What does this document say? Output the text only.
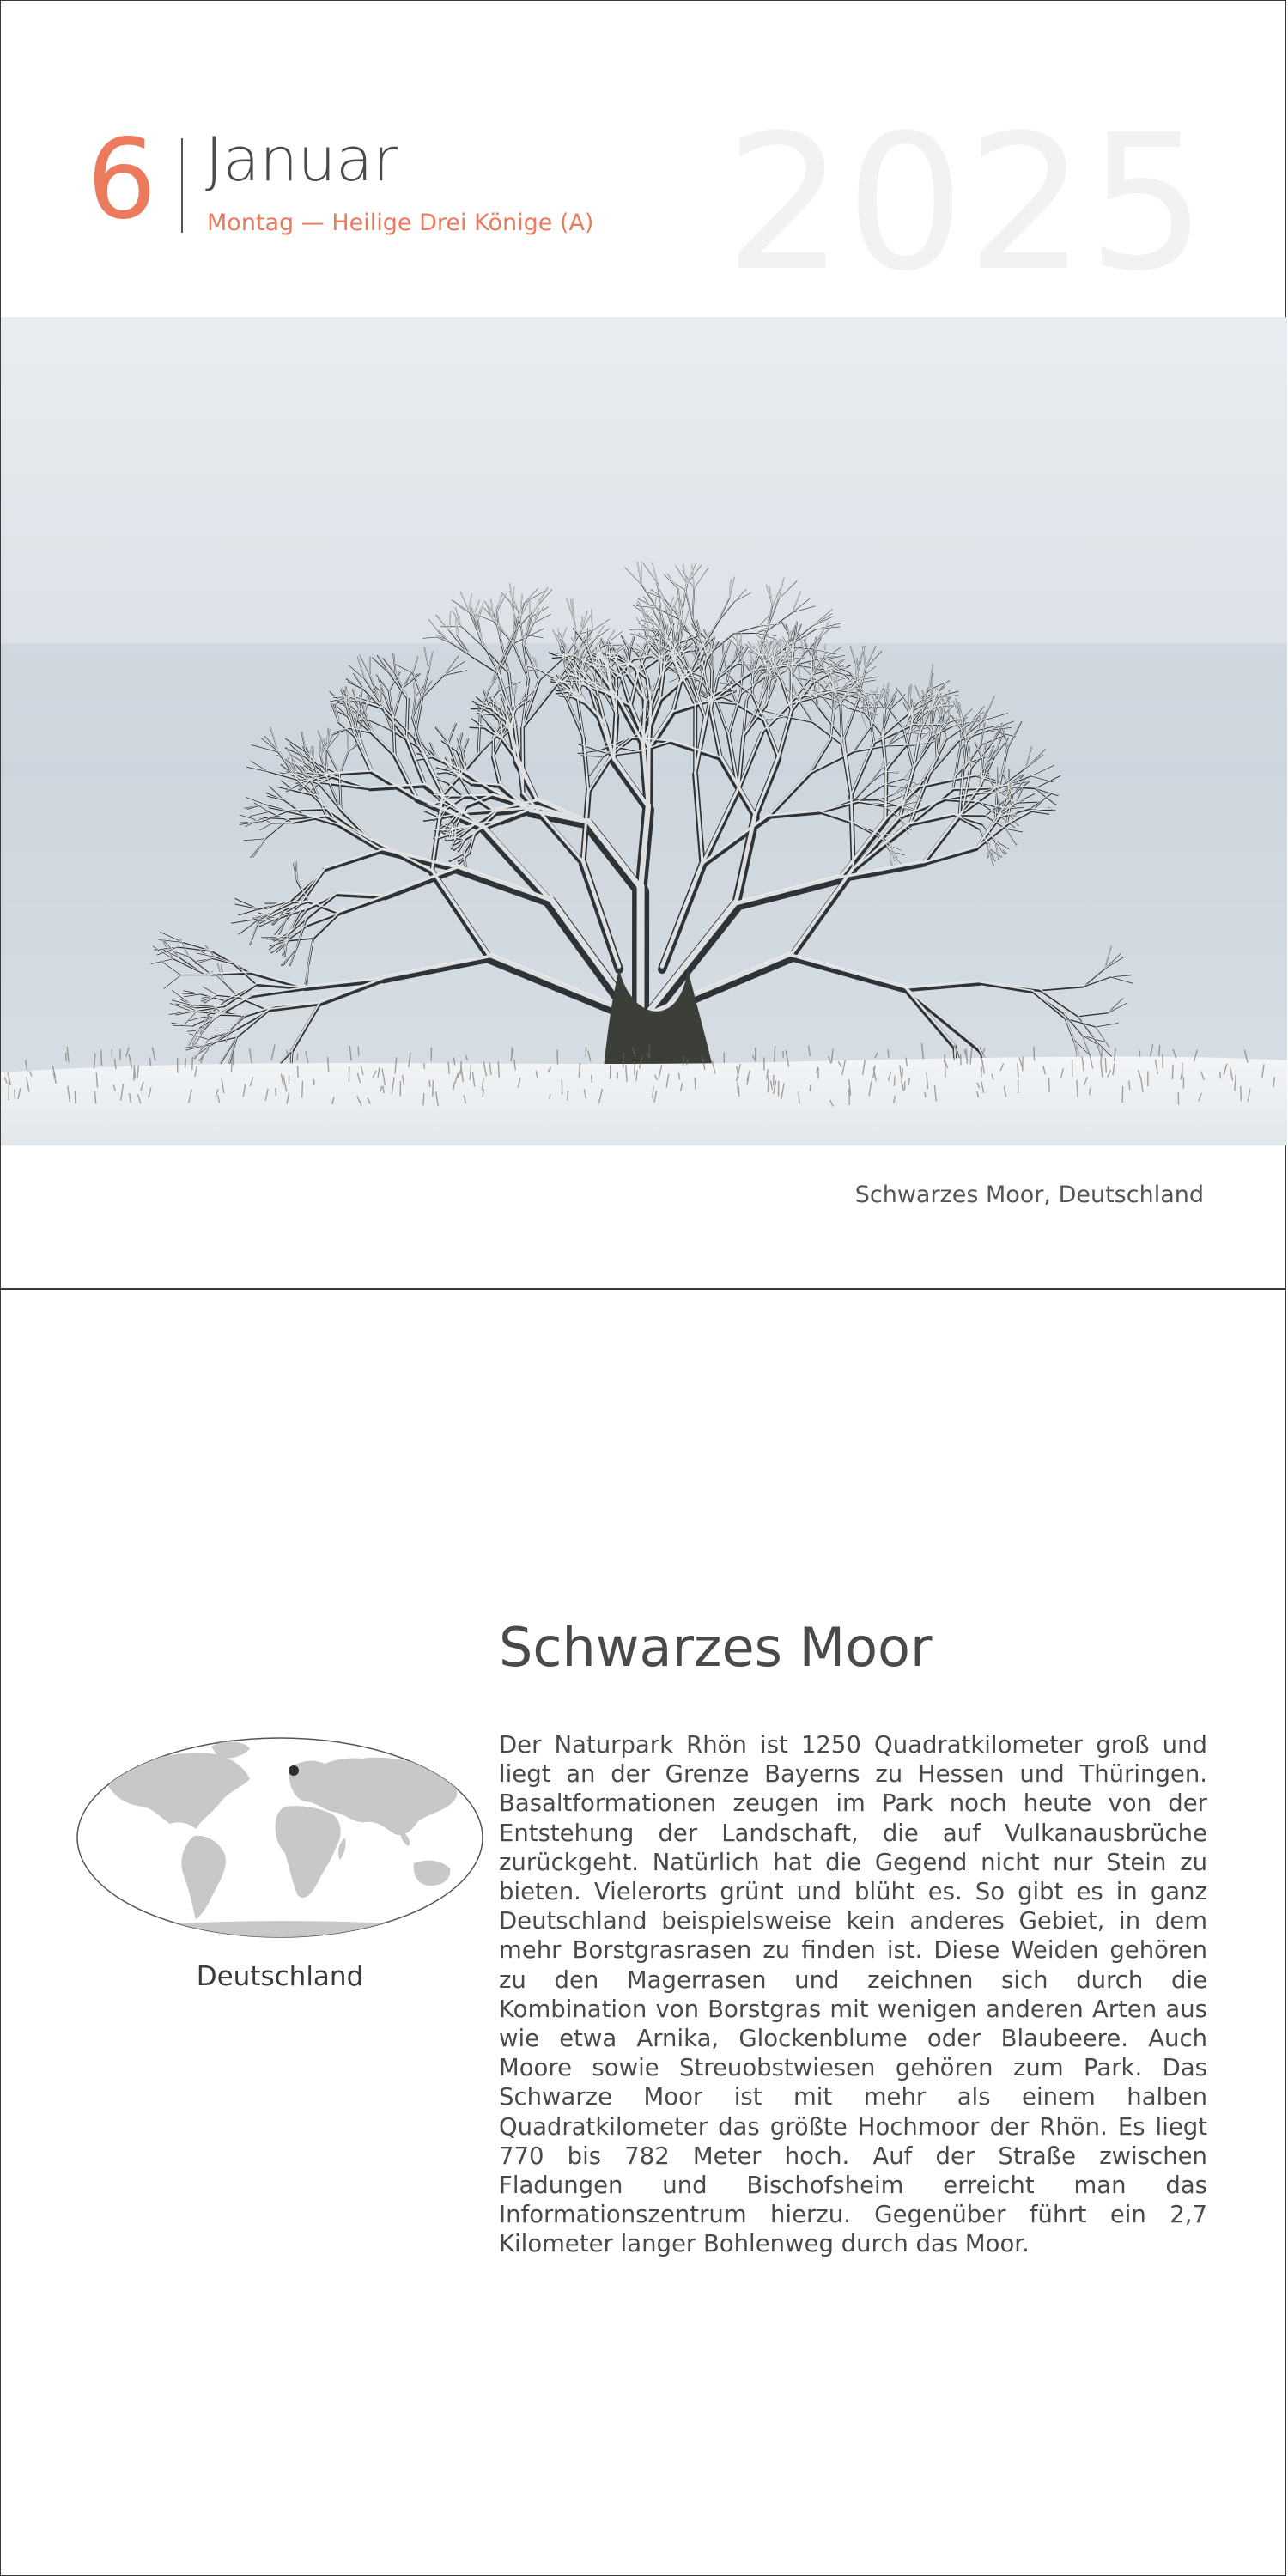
6 Januar
Montag — Heilige Drei Könige (A) 2025
Schwarzes Moor, Deutschland
Deutschland
Schwarzes Moor
Der Naturpark Rhön ist 1250 Quadratkilometer groß und liegt an der Grenze Bayerns zu Hessen und Thüringen. Basaltformationen zeugen im Park noch heute von der Entstehung der Landschaft, die auf Vulkanausbrüche zurückgeht. Natürlich hat die Gegend nicht nur Stein zu bieten. Vielerorts grünt und blüht es. So gibt es in ganz Deutschland beispielsweise kein anderes Gebiet, in dem mehr Borstgrasrasen zu finden ist. Diese Weiden gehören zu den Magerrasen und zeichnen sich durch die Kombination von Borstgras mit wenigen anderen Arten aus wie etwa Arnika, Glockenblume oder Blaubeere. Auch Moore sowie Streuobstwiesen gehören zum Park. Das Schwarze Moor ist mit mehr als einem halben Quadratkilometer das größte Hochmoor der Rhön. Es liegt 770 bis 782 Meter hoch. Auf der Straße zwischen Fladungen und Bischofsheim erreicht man das Informationszentrum hierzu. Gegenüber führt ein 2,7 Kilometer langer Bohlenweg durch das Moor.
